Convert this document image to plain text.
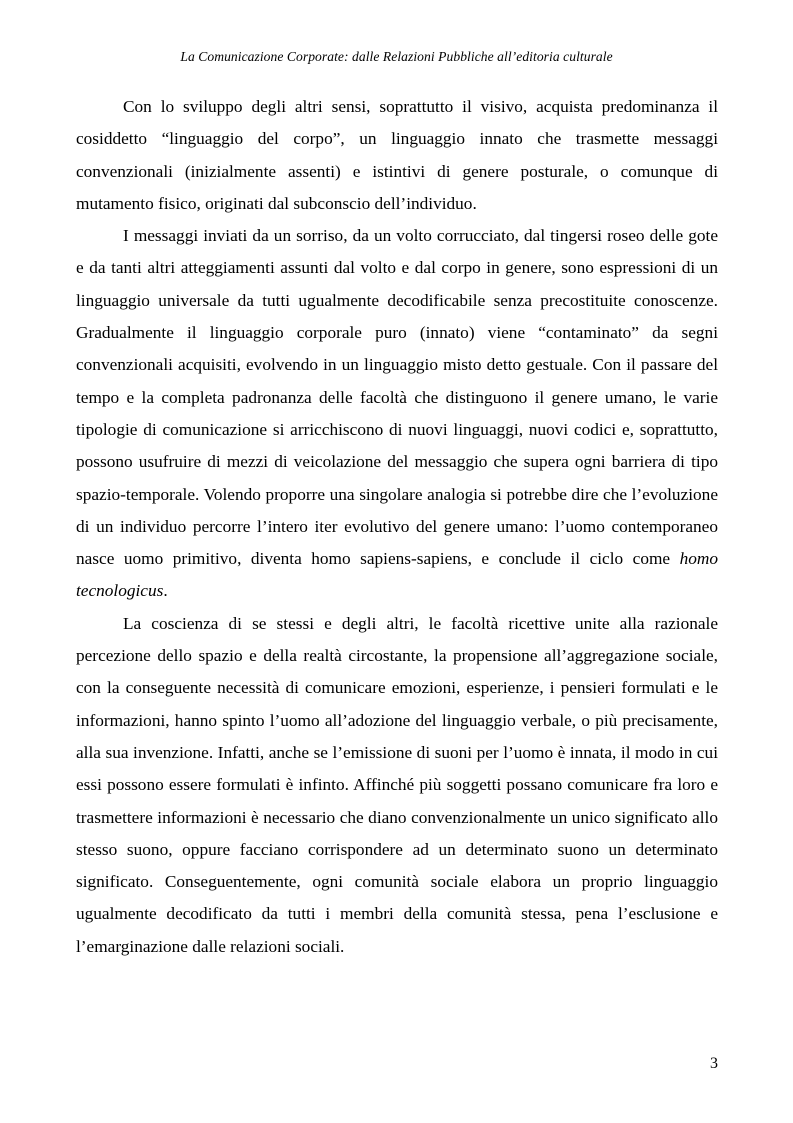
La Comunicazione Corporate: dalle Relazioni Pubbliche all’editoria culturale

Con lo sviluppo degli altri sensi, soprattutto il visivo, acquista predominanza il cosiddetto “linguaggio del corpo”, un linguaggio innato che trasmette messaggi convenzionali (inizialmente assenti) e istintivi di genere posturale, o comunque di mutamento fisico, originati dal subconscio dell’individuo.

I messaggi inviati da un sorriso, da un volto corrucciato, dal tingersi roseo delle gote e da tanti altri atteggiamenti assunti dal volto e dal corpo in genere, sono espressioni di un linguaggio universale da tutti ugualmente decodificabile senza precostituite conoscenze. Gradualmente il linguaggio corporale puro (innato) viene “contaminato” da segni convenzionali acquisiti, evolvendo in un linguaggio misto detto gestuale. Con il passare del tempo e la completa padronanza delle facoltà che distinguono il genere umano, le varie tipologie di comunicazione si arricchiscono di nuovi linguaggi, nuovi codici e, soprattutto, possono usufruire di mezzi di veicolazione del messaggio che supera ogni barriera di tipo spazio-temporale. Volendo proporre una singolare analogia si potrebbe dire che l’evoluzione di un individuo percorre l’intero iter evolutivo del genere umano: l’uomo contemporaneo nasce uomo primitivo, diventa homo sapiens-sapiens, e conclude il ciclo come homo tecnologicus.

La coscienza di se stessi e degli altri, le facoltà ricettive unite alla razionale percezione dello spazio e della realtà circostante, la propensione all’aggregazione sociale, con la conseguente necessità di comunicare emozioni, esperienze, i pensieri formulati e le informazioni, hanno spinto l’uomo all’adozione del linguaggio verbale, o più precisamente, alla sua invenzione. Infatti, anche se l’emissione di suoni per l’uomo è innata, il modo in cui essi possono essere formulati è infinto. Affinché più soggetti possano comunicare fra loro e trasmettere informazioni è necessario che diano convenzionalmente un unico significato allo stesso suono, oppure facciano corrispondere ad un determinato suono un determinato significato. Conseguentemente, ogni comunità sociale elabora un proprio linguaggio ugualmente decodificato da tutti i membri della comunità stessa, pena l’esclusione e l’emarginazione dalle relazioni sociali.

3
